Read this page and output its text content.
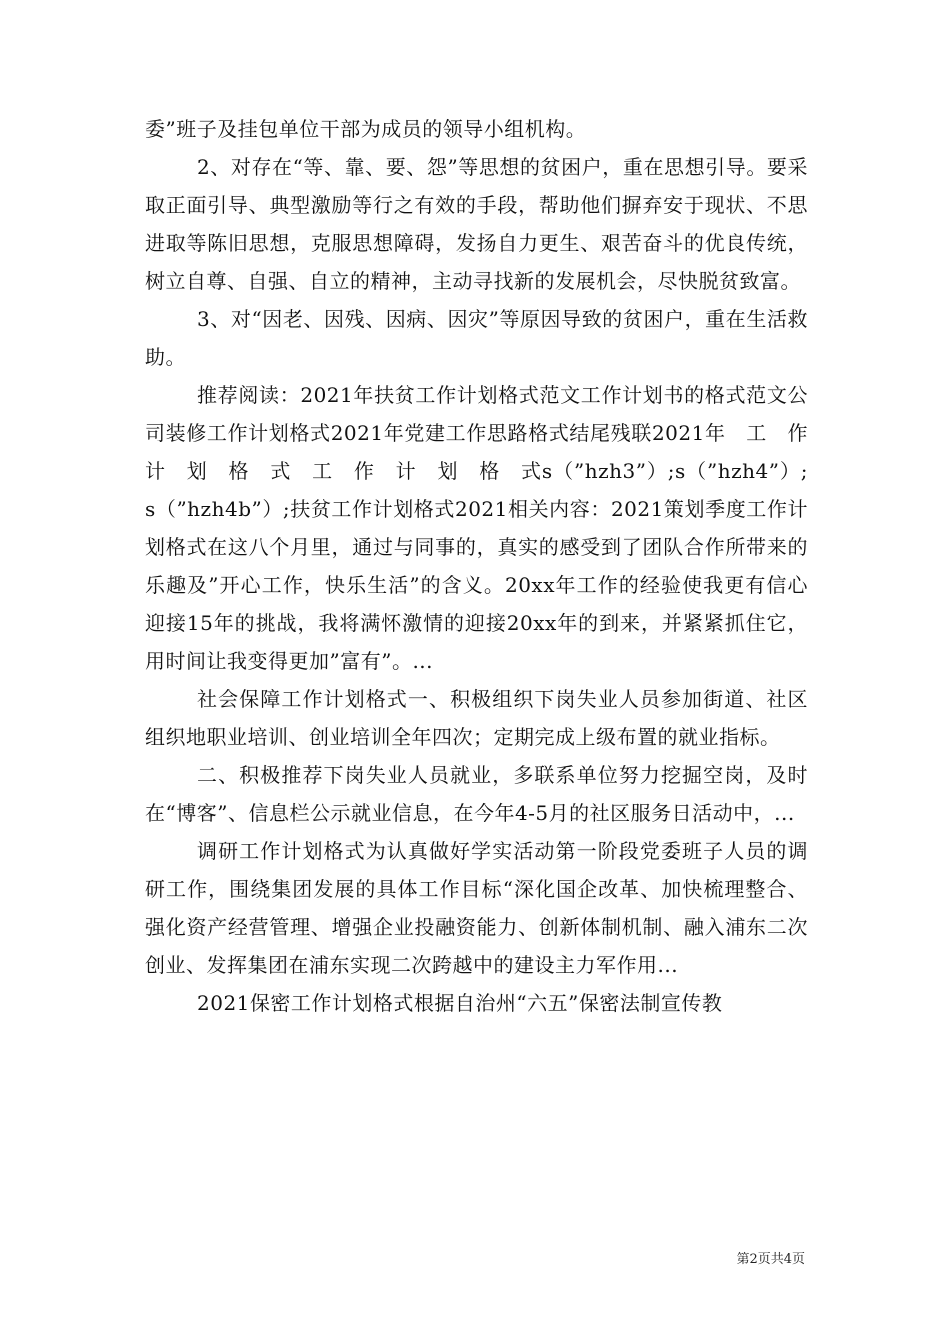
委”班子及挂包单位干部为成员的领导小组机构。

2、对存在“等、靠、要、怨”等思想的贫困户，重在思想引导。要采取正面引导、典型激励等行之有效的手段，帮助他们摒弃安于现状、不思进取等陈旧思想，克服思想障碍，发扬自力更生、艰苦奋斗的优良传统，树立自尊、自强、自立的精神，主动寻找新的发展机会，尽快脱贫致富。

3、对“因老、因残、因病、因灾”等原因导致的贫困户，重在生活救助。

推荐阅读：2021年扶贫工作计划格式范文工作计划书的格式范文公司装修工作计划格式2021年党建工作思路格式结尾残联2021年　工　作　计　划　格　式　工　作　计　划　格　式s（”hzh3”）;s（”hzh4”）;s（”hzh4b”）;扶贫工作计划格式2021相关内容：2021策划季度工作计划格式在这八个月里，通过与同事的，真实的感受到了团队合作所带来的乐趣及”开心工作，快乐生活”的含义。20xx年工作的经验使我更有信心迎接15年的挑战，我将满怀激情的迎接20xx年的到来，并紧紧抓住它，用时间让我变得更加”富有”。...

社会保障工作计划格式一、积极组织下岗失业人员参加街道、社区组织地职业培训、创业培训全年四次；定期完成上级布置的就业指标。

二、积极推荐下岗失业人员就业，多联系单位努力挖掘空岗，及时在“博客”、信息栏公示就业信息，在今年4-5月的社区服务日活动中，...

调研工作计划格式为认真做好学实活动第一阶段党委班子人员的调研工作，围绕集团发展的具体工作目标“深化国企改革、加快梳理整合、强化资产经营管理、增强企业投融资能力、创新体制机制、融入浦东二次创业、发挥集团在浦东实现二次跨越中的建设主力军作用...

2021保密工作计划格式根据自治州“六五”保密法制宣传教

第2页共4页
